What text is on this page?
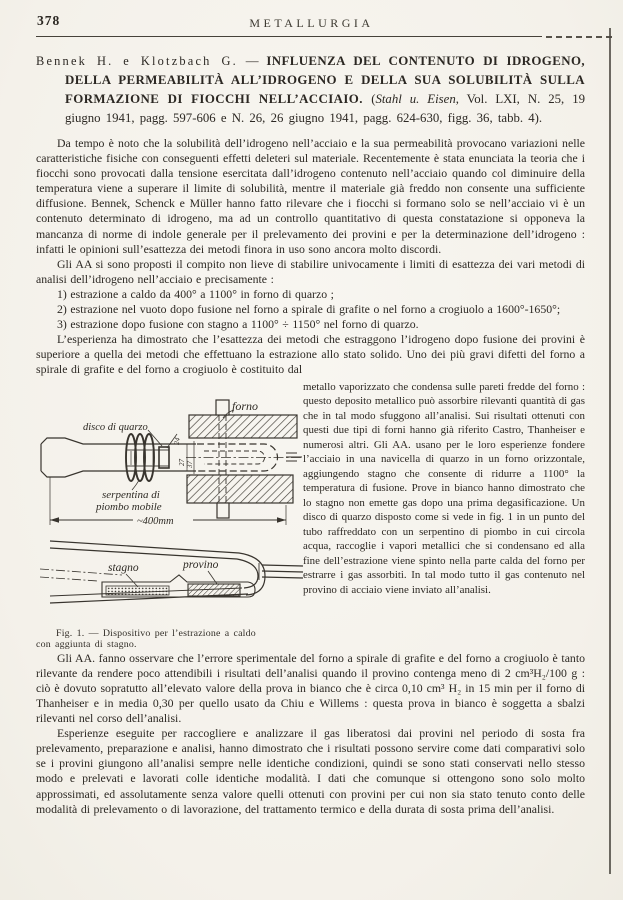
378	METALLURGIA

Bennek H. e Klotzbach G. — INFLUENZA DEL CONTENUTO DI IDROGENO, DELLA PERMEABILITÀ ALL’IDROGENO E DELLA SUA SOLUBILITÀ SULLA FORMAZIONE DI FIOCCHI NELL’ACCIAIO. (Stahl u. Eisen, Vol. LXI, N. 25, 19 giugno 1941, pagg. 597-606 e N. 26, 26 giugno 1941, pagg. 624-630, figg. 36, tabb. 4).

Da tempo è noto che la solubilità dell’idrogeno nell’acciaio e la sua permeabilità provocano variazioni nelle caratteristiche fisiche con conseguenti effetti deleteri sul materiale. Recentemente è stata enunciata la teoria che i fiocchi sono provocati dalla tensione esercitata dall’idrogeno contenuto nell’acciaio quando col diminuire della temperatura viene a superare il limite di solubilità, mentre il materiale già freddo non consente una sufficiente diffusione. Bennek, Schenck e Müller hanno fatto rilevare che i fiocchi si formano solo se nell’acciaio vi è un contenuto determinato di idrogeno, ma ad un controllo quantitativo di questa constatazione si opponeva la mancanza di norme di indole generale per il prelevamento dei provini e per la determinazione dell’idrogeno : infatti le opinioni sull’esattezza dei metodi finora in uso sono ancora molto discordi.

Gli AA si sono proposti il compito non lieve di stabilire univocamente i limiti di esattezza dei vari metodi di analisi dell’idrogeno nell’acciaio e precisamente :

1) estrazione a caldo da 400° a 1100° in forno di quarzo ;

2) estrazione nel vuoto dopo fusione nel forno a spirale di grafite o nel forno a crogiuolo a 1600°-1650°;

3) estrazione dopo fusione con stagno a 1100° ÷ 1150° nel forno di quarzo.

L’esperienza ha dimostrato che l’esattezza dei metodi che estraggono l’idrogeno dopo fusione dei provini è superiore a quella dei metodi che effettuano la estrazione allo stato solido. Uno dei più gravi difetti del forno a spirale di grafite e del forno a crogiuolo è costituito dal

forno
disco di quarzo
24
27 37
serpentina di
piombo mobile
~400mm
stagno	provino
Fig. 1. — Dispositivo per l’estrazione a caldo
con aggiunta di stagno.
metallo vaporizzato che condensa sulle pareti fredde del forno : questo deposito metallico può assorbire rilevanti quantità di gas che in tal modo sfuggono all’analisi. Sui risultati ottenuti con questi due tipi di forni hanno già riferito Castro, Thanheiser e numerosi altri. Gli AA. usano per le loro esperienze fondere l’acciaio in una navicella di quarzo in un forno orizzontale, aggiungendo stagno che consente di ridurre a 1100° la temperatura di fusione. Prove in bianco hanno dimostrato che lo stagno non emette gas dopo una prima degasificazione. Un disco di quarzo disposto come si vede in fig. 1 in un punto del tubo raffreddato con un serpentino di piombo in cui circola acqua, raccoglie i vapori metallici che si condensano ed alla fine dell’estrazione viene spinto nella parte calda del forno per estrarre i gas assorbiti. In tal modo tutto il gas contenuto nel provino di acciaio viene inviato all’analisi.

Gli AA. fanno osservare che l’errore sperimentale del forno a spirale di grafite e del forno a crogiuolo è tanto rilevante da rendere poco attendibili i risultati dell’analisi quando il provino contenga meno di 2 cm³H₂/100 g : ciò è dovuto sopratutto all’elevato valore della prova in bianco che è circa 0,10 cm³ H₂ in 15 min per il forno di Thanheiser e in media 0,30 per quello usato da Chiu e Willems : questa prova in bianco è soggetta a sbalzi rilevanti nel corso dell’analisi.

Esperienze eseguite per raccogliere e analizzare il gas liberatosi dai provini nel periodo di sosta fra prelevamento, preparazione e analisi, hanno dimostrato che i risultati possono servire come dati comparativi solo se i provini giungono all’analisi sempre nelle identiche condizioni, quindi se sono stati conservati nello stesso modo e prelevati e lavorati colle identiche modalità. I dati che comunque si ottengono sono solo molto approssimati, ed assolutamente senza valore quelli ottenuti con provini per cui non sia stato tenuto conto delle modalità di prelevamento o di lavorazione, del trattamento termico e della durata di sosta prima dell’analisi.
